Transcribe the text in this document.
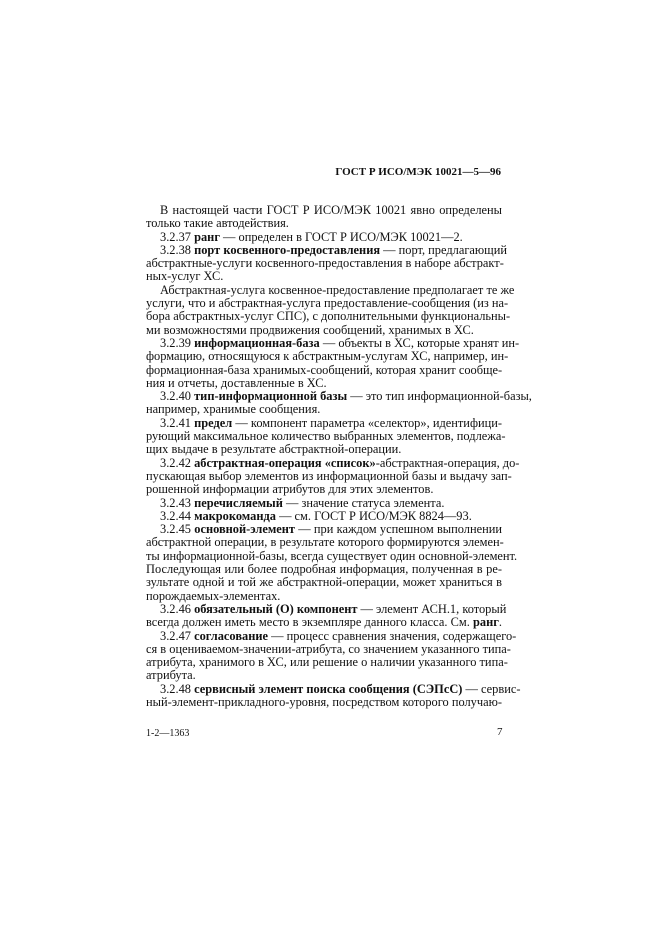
ГОСТ Р ИСО/МЭК 10021—5—96
В настоящей части ГОСТ Р ИСО/МЭК 10021 явно определены
только такие автодействия.
3.2.37 ранг — определен в ГОСТ Р ИСО/МЭК 10021—2.
3.2.38 порт косвенного-предоставления — порт, предлагающий
абстрактные-услуги косвенного-предоставления в наборе абстракт-
ных-услуг ХС.
Абстрактная-услуга косвенное-предоставление предполагает те же
услуги, что и абстрактная-услуга предоставление-сообщения (из на-
бора абстрактных-услуг СПС), с дополнительными функциональны-
ми возможностями продвижения сообщений, хранимых в ХС.
3.2.39 информационная-база — объекты в ХС, которые хранят ин-
формацию, относящуюся к абстрактным-услугам ХС, например, ин-
формационная-база хранимых-сообщений, которая хранит сообще-
ния и отчеты, доставленные в ХС.
3.2.40 тип-информационной базы — это тип информационной-базы,
например, хранимые сообщения.
3.2.41 предел — компонент параметра «селектор», идентифици-
рующий максимальное количество выбранных элементов, подлежа-
щих выдаче в результате абстрактной-операции.
3.2.42 абстрактная-операция «список»-абстрактная-операция, до-
пускающая выбор элементов из информационной базы и выдачу зап-
рошенной информации атрибутов для этих элементов.
3.2.43 перечисляемый — значение статуса элемента.
3.2.44 макрокоманда — см. ГОСТ Р ИСО/МЭК 8824—93.
3.2.45 основной-элемент — при каждом успешном выполнении
абстрактной операции, в результате которого формируются элемен-
ты информационной-базы, всегда существует один основной-элемент.
Последующая или более подробная информация, полученная в ре-
зультате одной и той же абстрактной-операции, может храниться в
порождаемых-элементах.
3.2.46 обязательный (О) компонент — элемент АСН.1, который
всегда должен иметь место в экземпляре данного класса. См. ранг.
3.2.47 согласование — процесс сравнения значения, содержащего-
ся в оцениваемом-значении-атрибута, со значением указанного типа-
атрибута, хранимого в ХС, или решение о наличии указанного типа-
атрибута.
3.2.48 сервисный элемент поиска сообщения (СЭПсС) — сервис-
ный-элемент-прикладного-уровня, посредством которого получаю-
1-2—1363	7
